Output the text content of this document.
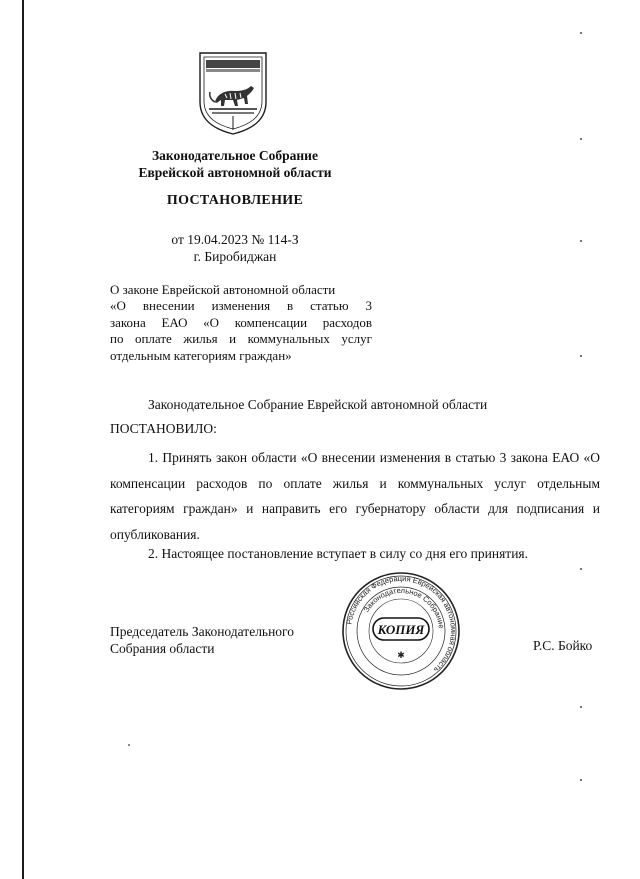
Законодательное Собрание
Еврейской автономной области
ПОСТАНОВЛЕНИЕ
от 19.04.2023 № 114-З
г. Биробиджан
О законе Еврейской автономной области
«О внесении изменения в статью 3
закона ЕАО «О компенсации расходов
по оплате жилья и коммунальных услуг
отдельным категориям граждан»
Законодательное Собрание Еврейской автономной области
ПОСТАНОВИЛО:
1. Принять закон области «О внесении изменения в статью 3 закона ЕАО «О компенсации расходов по оплате жилья и коммунальных услуг отдельным категориям граждан» и направить его губернатору области для подписания и опубликования.
2. Настоящее постановление вступает в силу со дня его принятия.
Председатель Законодательного
Собрания области	Р.С. Бойко
Российская Федерация Еврейская автономная область
Законодательное Собрание
КОПИЯ
✱
